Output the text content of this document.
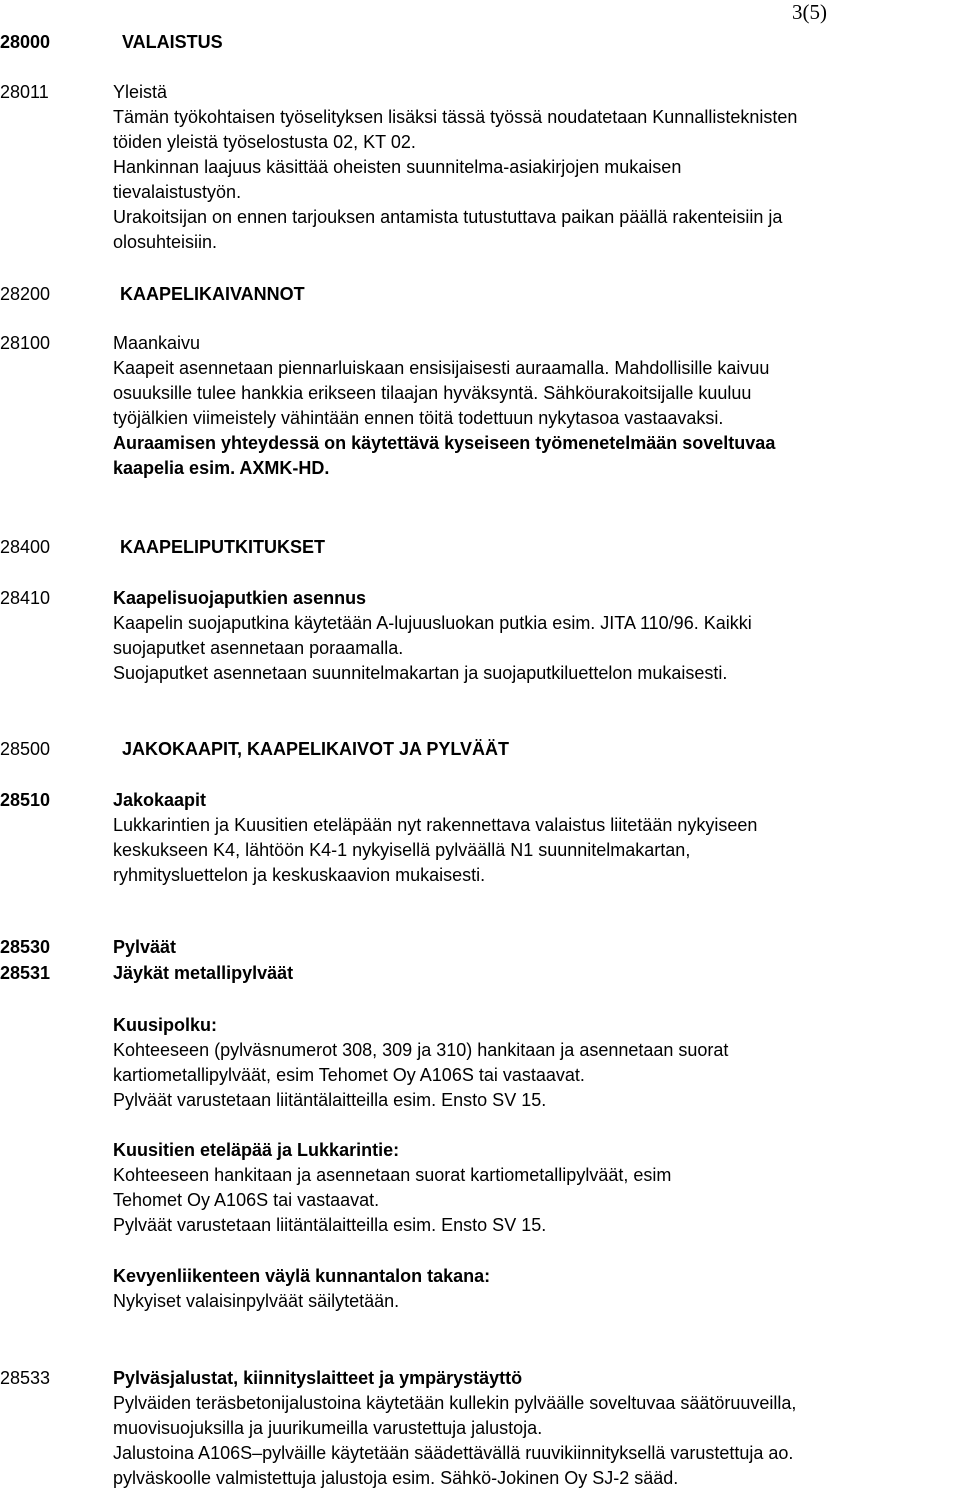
3(5)
28000	VALAISTUS
28011	Yleistä
Tämän työkohtaisen työselityksen lisäksi tässä työssä noudatetaan Kunnallisteknisten
töiden yleistä työselostusta 02, KT 02.
Hankinnan laajuus käsittää oheisten suunnitelma-asiakirjojen mukaisen
tievalaistustyön.
Urakoitsijan on ennen tarjouksen antamista tutustuttava paikan päällä rakenteisiin ja
olosuhteisiin.
28200	KAAPELIKAIVANNOT
28100	Maankaivu
Kaapeit asennetaan piennarluiskaan ensisijaisesti auraamalla. Mahdollisille kaivuu
osuuksille tulee hankkia erikseen tilaajan hyväksyntä. Sähköurakoitsijalle kuuluu
työjälkien viimeistely vähintään ennen töitä todettuun nykytasoa vastaavaksi.
Auraamisen yhteydessä on käytettävä kyseiseen työmenetelmään soveltuvaa
kaapelia esim. AXMK-HD.
28400	KAAPELIPUTKITUKSET
28410	Kaapelisuojaputkien asennus
Kaapelin suojaputkina käytetään A-lujuusluokan putkia esim. JITA 110/96. Kaikki
suojaputket asennetaan poraamalla.
Suojaputket asennetaan suunnitelmakartan ja suojaputkiluettelon mukaisesti.
28500	JAKOKAAPIT, KAAPELIKAIVOT JA PYLVÄÄT
28510	Jakokaapit
Lukkarintien ja Kuusitien eteläpään nyt rakennettava valaistus liitetään nykyiseen
keskukseen K4, lähtöön K4-1 nykyisellä pylväällä N1 suunnitelmakartan,
ryhmitysluettelon ja keskuskaavion mukaisesti.
28530	Pylväät
28531	Jäykät metallipylväät
Kuusipolku:
Kohteeseen (pylväsnumerot 308, 309 ja 310) hankitaan ja asennetaan suorat
kartiometallipylväät, esim Tehomet Oy A106S tai vastaavat.
Pylväät varustetaan liitäntälaitteilla esim. Ensto SV 15.
Kuusitien eteläpää ja Lukkarintie:
Kohteeseen hankitaan ja asennetaan suorat kartiometallipylväät, esim
Tehomet Oy A106S tai vastaavat.
Pylväät varustetaan liitäntälaitteilla esim. Ensto SV 15.
Kevyenliikenteen väylä kunnantalon takana:
Nykyiset valaisinpylväät säilytetään.
28533	Pylväsjalustat, kiinnityslaitteet ja ympärystäyttö
Pylväiden teräsbetonijalustoina käytetään kullekin pylväälle soveltuvaa säätöruuveilla,
muovisuojuksilla ja juurikumeilla varustettuja jalustoja.
Jalustoina A106S–pylväille käytetään säädettävällä ruuvikiinnityksellä varustettuja ao.
pylväskoolle valmistettuja jalustoja esim. Sähkö-Jokinen Oy SJ-2 sääd.
